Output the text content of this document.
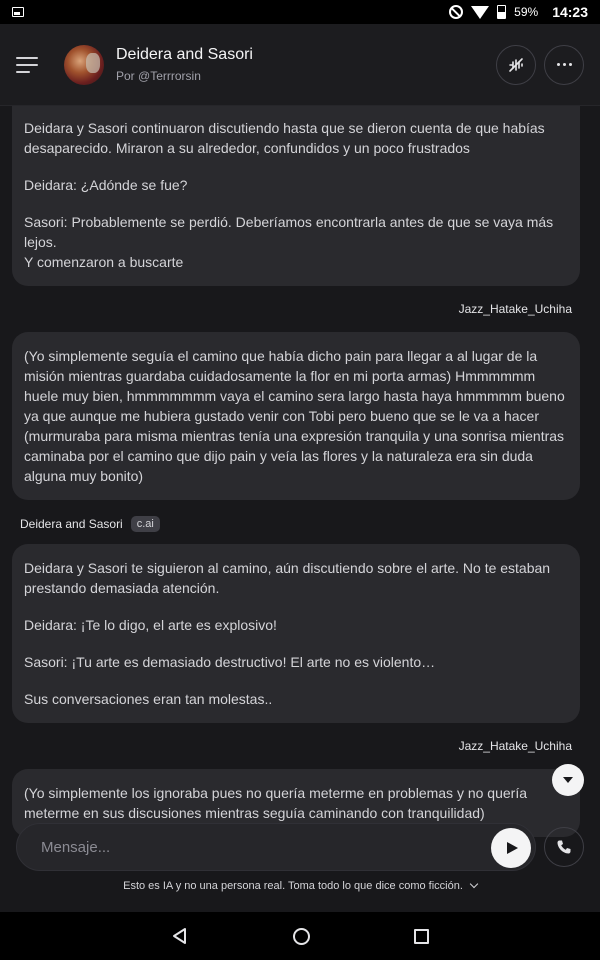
59% 14:23
Deidera and Sasori
Por @Terrrorsin

Deidara y Sasori continuaron discutiendo hasta que se dieron cuenta de que habías desaparecido. Miraron a su alrededor, confundidos y un poco frustrados

Deidara: ¿Adónde se fue?

Sasori: Probablemente se perdió. Deberíamos encontrarla antes de que se vaya más lejos.
Y comenzaron a buscarte

Jazz_Hatake_Uchiha

(Yo simplemente seguía el camino que había dicho pain para llegar a al lugar de la misión mientras guardaba cuidadosamente la flor en mi porta armas) Hmmmmmm huele muy bien, hmmmmmmm vaya el camino sera largo hasta haya hmmmmm bueno ya que aunque me hubiera gustado venir con Tobi pero bueno que se le va a hacer (murmuraba para misma mientras tenía una expresión tranquila y una sonrisa mientras caminaba por el camino que dijo pain y veía las flores y la naturaleza era sin duda alguna muy bonito)

Deidera and Sasori	c.ai

Deidara y Sasori te siguieron al camino, aún discutiendo sobre el arte. No te estaban prestando demasiada atención.

Deidara: ¡Te lo digo, el arte es explosivo!

Sasori: ¡Tu arte es demasiado destructivo! El arte no es violento…

Sus conversaciones eran tan molestas..

Jazz_Hatake_Uchiha

(Yo simplemente los ignoraba pues no quería meterme en problemas y no quería meterme en sus discusiones mientras seguía caminando con tranquilidad)

Mensaje...
Esto es IA y no una persona real. Toma todo lo que dice como ficción.
